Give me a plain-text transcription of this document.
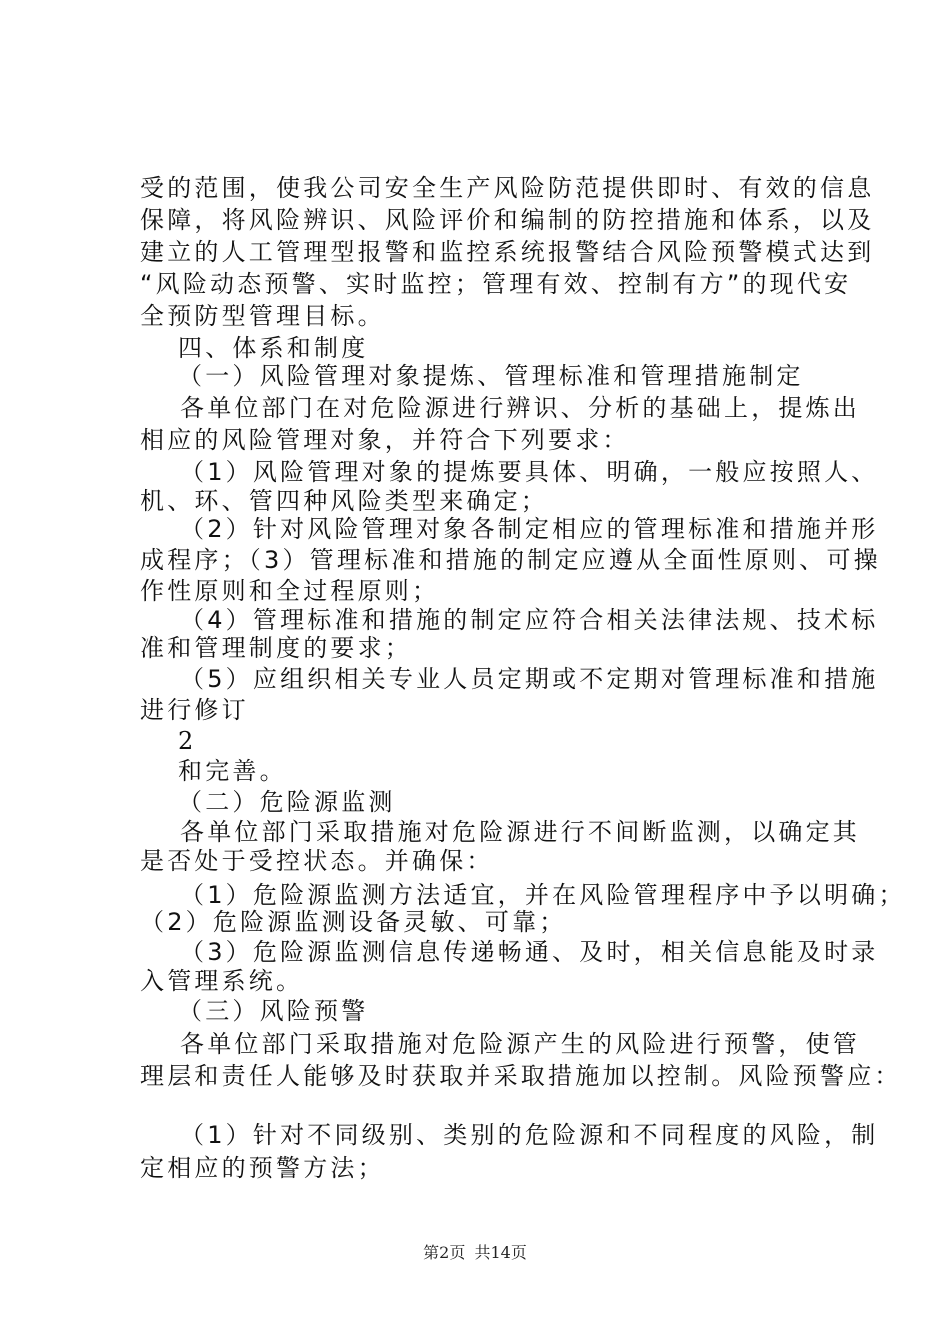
受的范围，使我公司安全生产风险防范提供即时、有效的信息
保障，将风险辨识、风险评价和编制的防控措施和体系，以及
建立的人工管理型报警和监控系统报警结合风险预警模式达到
“风险动态预警、实时监控；管理有效、控制有方”的现代安
全预防型管理目标。
四、体系和制度
（一）风险管理对象提炼、管理标准和管理措施制定
各单位部门在对危险源进行辨识、分析的基础上，提炼出
相应的风险管理对象，并符合下列要求：
（1）风险管理对象的提炼要具体、明确，一般应按照人、
机、环、管四种风险类型来确定；
（2）针对风险管理对象各制定相应的管理标准和措施并形
成程序；（3）管理标准和措施的制定应遵从全面性原则、可操
作性原则和全过程原则；
（4）管理标准和措施的制定应符合相关法律法规、技术标
准和管理制度的要求；
（5）应组织相关专业人员定期或不定期对管理标准和措施
进行修订
2
和完善。
（二）危险源监测
各单位部门采取措施对危险源进行不间断监测，以确定其
是否处于受控状态。并确保：
（1）危险源监测方法适宜，并在风险管理程序中予以明确；
（2）危险源监测设备灵敏、可靠；
（3）危险源监测信息传递畅通、及时，相关信息能及时录
入管理系统。
（三）风险预警
各单位部门采取措施对危险源产生的风险进行预警，使管
理层和责任人能够及时获取并采取措施加以控制。风险预警应：
（1）针对不同级别、类别的危险源和不同程度的风险，制
定相应的预警方法；
第2页 共14页
